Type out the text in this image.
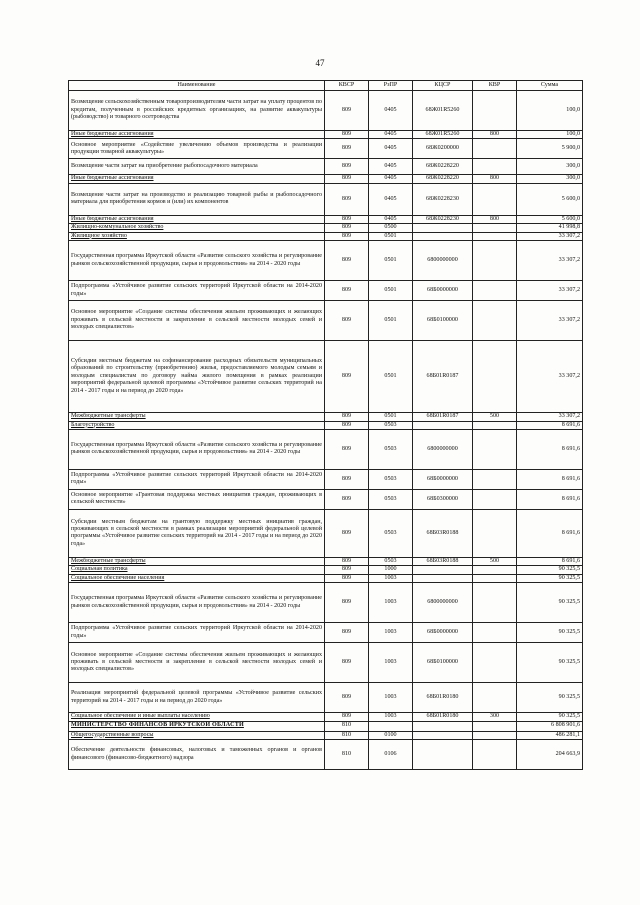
47
Наименование	КВСР	РзПР	КЦСР	КВР	Сумма
Возмещение сельскохозяйственным товаропроизводителям части затрат на уплату процентов по кредитам, полученным в российских кредитных организациях, на развитие аквакультуры (рыбоводство) и товарного осетроводства	809	0405	68Ж01R5260		100,0
Иные бюджетные ассигнования	809	0405	68Ж01R5260	800	100,0
Основное мероприятие «Содействие увеличению объемов производства и реализации продукции товарной аквакультуры»	809	0405	68Ж0200000		5 900,0
Возмещение части затрат на приобретение рыбопосадочного материала	809	0405	68Ж0228220		300,0
Иные бюджетные ассигнования	809	0405	68Ж0228220	800	300,0
Возмещение части затрат на производство и реализацию товарной рыбы и рыбопосадочного материала для приобретения кормов и (или) их компонентов	809	0405	68Ж0228230		5 600,0
Иные бюджетные ассигнования	809	0405	68Ж0228230	800	5 600,0
Жилищно-коммунальное хозяйство	809	0500			41 998,8
Жилищное хозяйство	809	0501			33 307,2
Государственная программа Иркутской области «Развитие сельского хозяйства и регулирование рынков сельскохозяйственной продукции, сырья и продовольствия» на 2014 - 2020 годы	809	0501	6800000000		33 307,2
Подпрограмма «Устойчивое развитие сельских территорий Иркутской области на 2014-2020 годы»	809	0501	68Б0000000		33 307,2
Основное мероприятие «Создание системы обеспечения жильем проживающих и желающих проживать в сельской местности и закрепление в сельской местности молодых семей и молодых специалистов»	809	0501	68Б0100000		33 307,2
Субсидии местным бюджетам на софинансирование расходных обязательств муниципальных образований по строительству (приобретению) жилья, предоставляемого молодым семьям и молодым специалистам по договору найма жилого помещения в рамках реализации мероприятий федеральной целевой программы «Устойчивое развитие сельских территорий на 2014 - 2017 годы и на период до 2020 года»	809	0501	68Б01R0187		33 307,2
Межбюджетные трансферты	809	0501	68Б01R0187	500	33 307,2
Благоустройство	809	0503			8 691,6
Государственная программа Иркутской области «Развитие сельского хозяйства и регулирование рынков сельскохозяйственной продукции, сырья и продовольствия» на 2014 - 2020 годы	809	0503	6800000000		8 691,6
Подпрограмма «Устойчивое развитие сельских территорий Иркутской области на 2014-2020 годы»	809	0503	68Б0000000		8 691,6
Основное мероприятие «Грантовая поддержка местных инициатив граждан, проживающих в сельской местности»	809	0503	68Б0300000		8 691,6
Субсидии местным бюджетам на грантовую поддержку местных инициатив граждан, проживающих в сельской местности в рамках реализации мероприятий федеральной целевой программы «Устойчивое развитие сельских территорий на 2014 - 2017 годы и на период до 2020 года»	809	0503	68Б03R0188		8 691,6
Межбюджетные трансферты	809	0503	68Б03R0188	500	8 691,6
Социальная политика	809	1000			90 325,5
Социальное обеспечение населения	809	1003			90 325,5
Государственная программа Иркутской области «Развитие сельского хозяйства и регулирование рынков сельскохозяйственной продукции, сырья и продовольствия» на 2014 - 2020 годы	809	1003	6800000000		90 325,5
Подпрограмма «Устойчивое развитие сельских территорий Иркутской области на 2014-2020 годы»	809	1003	68Б0000000		90 325,5
Основное мероприятие «Создание системы обеспечения жильем проживающих и желающих проживать в сельской местности и закрепление в сельской местности молодых семей и молодых специалистов»	809	1003	68Б0100000		90 325,5
Реализация мероприятий федеральной целевой программы «Устойчивое развитие сельских территорий на 2014 - 2017 годы и на период до 2020 года»	809	1003	68Б01R0180		90 325,5
Социальное обеспечение и иные выплаты населению	809	1003	68Б01R0180	300	90 325,5
МИНИСТЕРСТВО ФИНАНСОВ ИРКУТСКОЙ ОБЛАСТИ	810				6 808 901,6
Общегосударственные вопросы	810	0100			486 281,1
Обеспечение деятельности финансовых, налоговых и таможенных органов и органов финансового (финансово-бюджетного) надзора	810	0106			204 663,9
